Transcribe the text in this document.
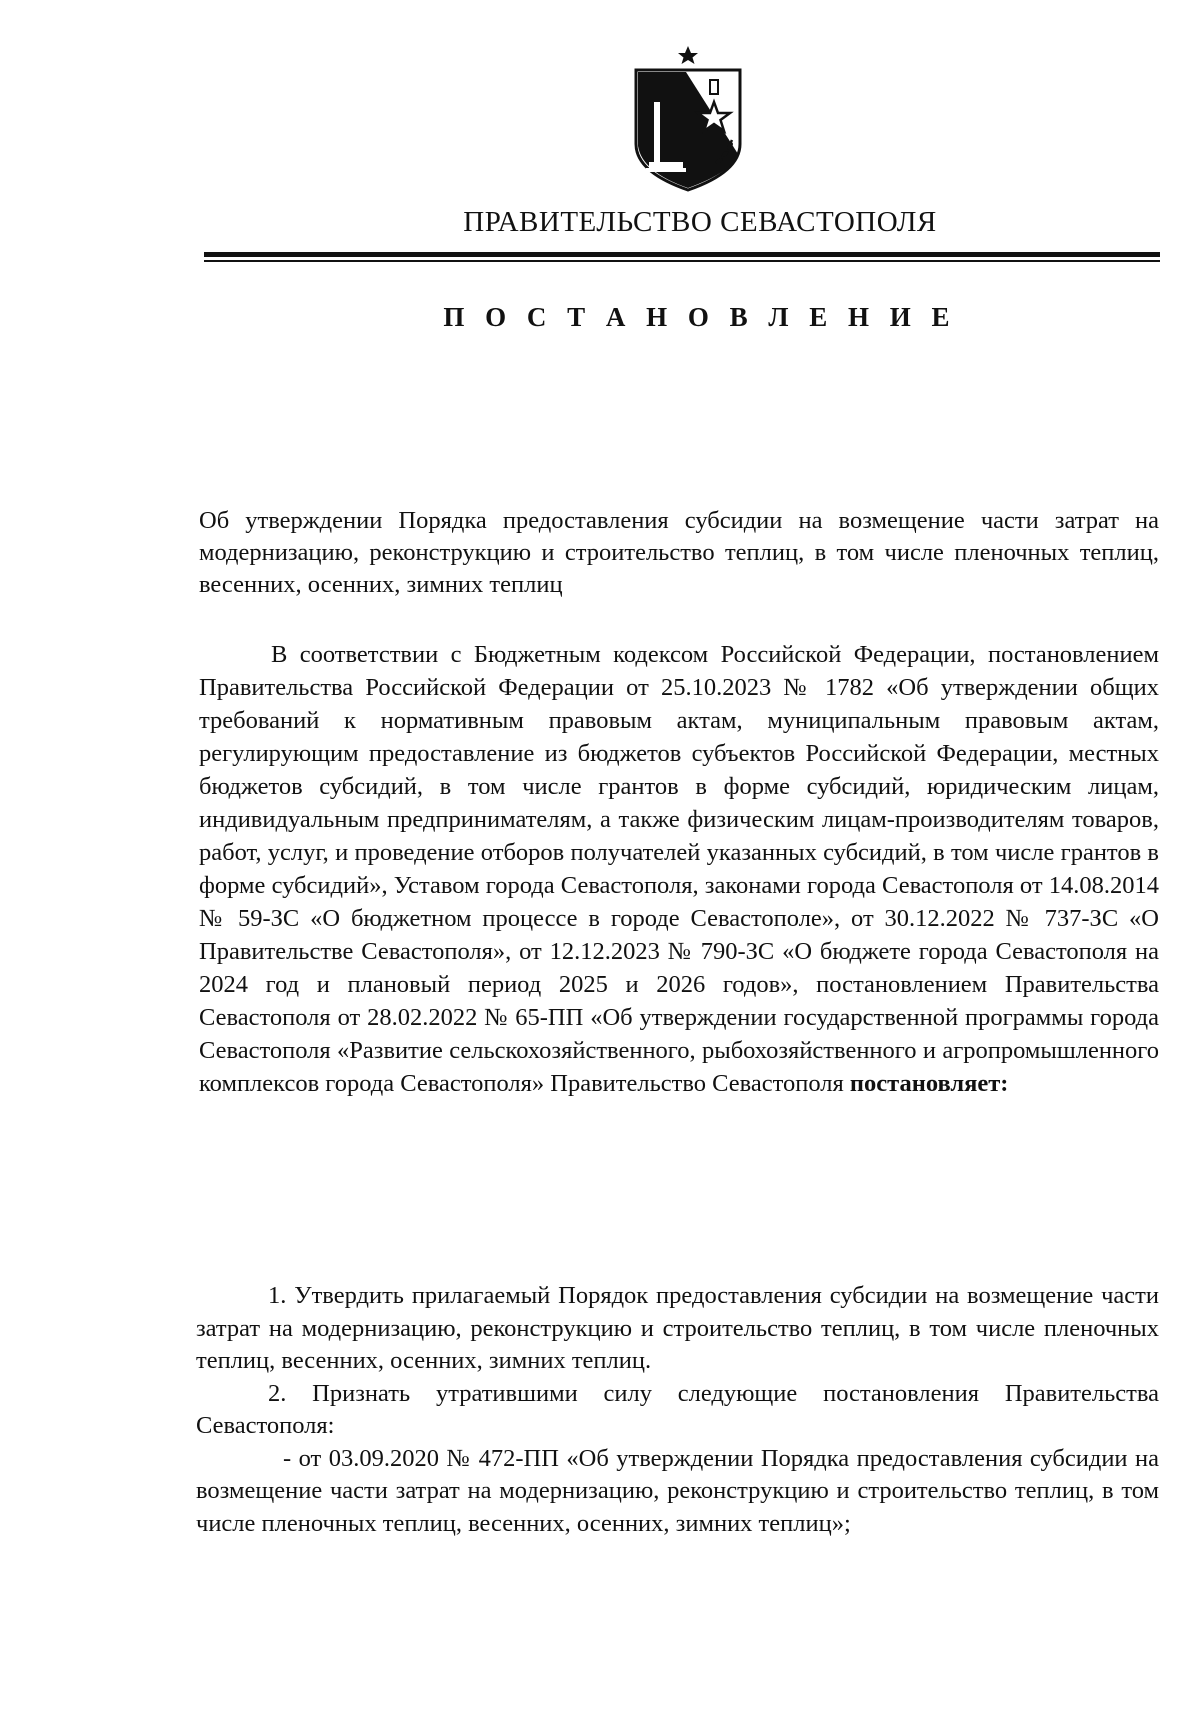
ПРАВИТЕЛЬСТВО СЕВАСТОПОЛЯ
П О С Т А Н О В Л Е Н И Е
Об утверждении Порядка предоставления субсидии на возмещение части затрат на модернизацию, реконструкцию и строительство теплиц, в том числе пленочных теплиц, весенних, осенних, зимних теплиц
В соответствии с Бюджетным кодексом Российской Федерации, постановлением Правительства Российской Федерации от 25.10.2023 № 1782 «Об утверждении общих требований к нормативным правовым актам, муниципальным правовым актам, регулирующим предоставление из бюджетов субъектов Российской Федерации, местных бюджетов субсидий, в том числе грантов в форме субсидий, юридическим лицам, индивидуальным предпринимателям, а также физическим лицам-производителям товаров, работ, услуг, и проведение отборов получателей указанных субсидий, в том числе грантов в форме субсидий», Уставом города Севастополя, законами города Севастополя от 14.08.2014 № 59-ЗС «О бюджетном процессе в городе Севастополе», от 30.12.2022 № 737-ЗС «О Правительстве Севастополя», от 12.12.2023 № 790-ЗС «О бюджете города Севастополя на 2024 год и плановый период 2025 и 2026 годов», постановлением Правительства Севастополя от 28.02.2022 № 65-ПП «Об утверждении государственной программы города Севастополя «Развитие сельскохозяйственного, рыбохозяйственного и агропромышленного комплексов города Севастополя» Правительство Севастополя постановляет:

1. Утвердить прилагаемый Порядок предоставления субсидии на возмещение части затрат на модернизацию, реконструкцию и строительство теплиц, в том числе пленочных теплиц, весенних, осенних, зимних теплиц.

2. Признать утратившими силу следующие постановления Правительства Севастополя:

- от 03.09.2020 № 472-ПП «Об утверждении Порядка предоставления субсидии на возмещение части затрат на модернизацию, реконструкцию и строительство теплиц, в том числе пленочных теплиц, весенних, осенних, зимних теплиц»;
